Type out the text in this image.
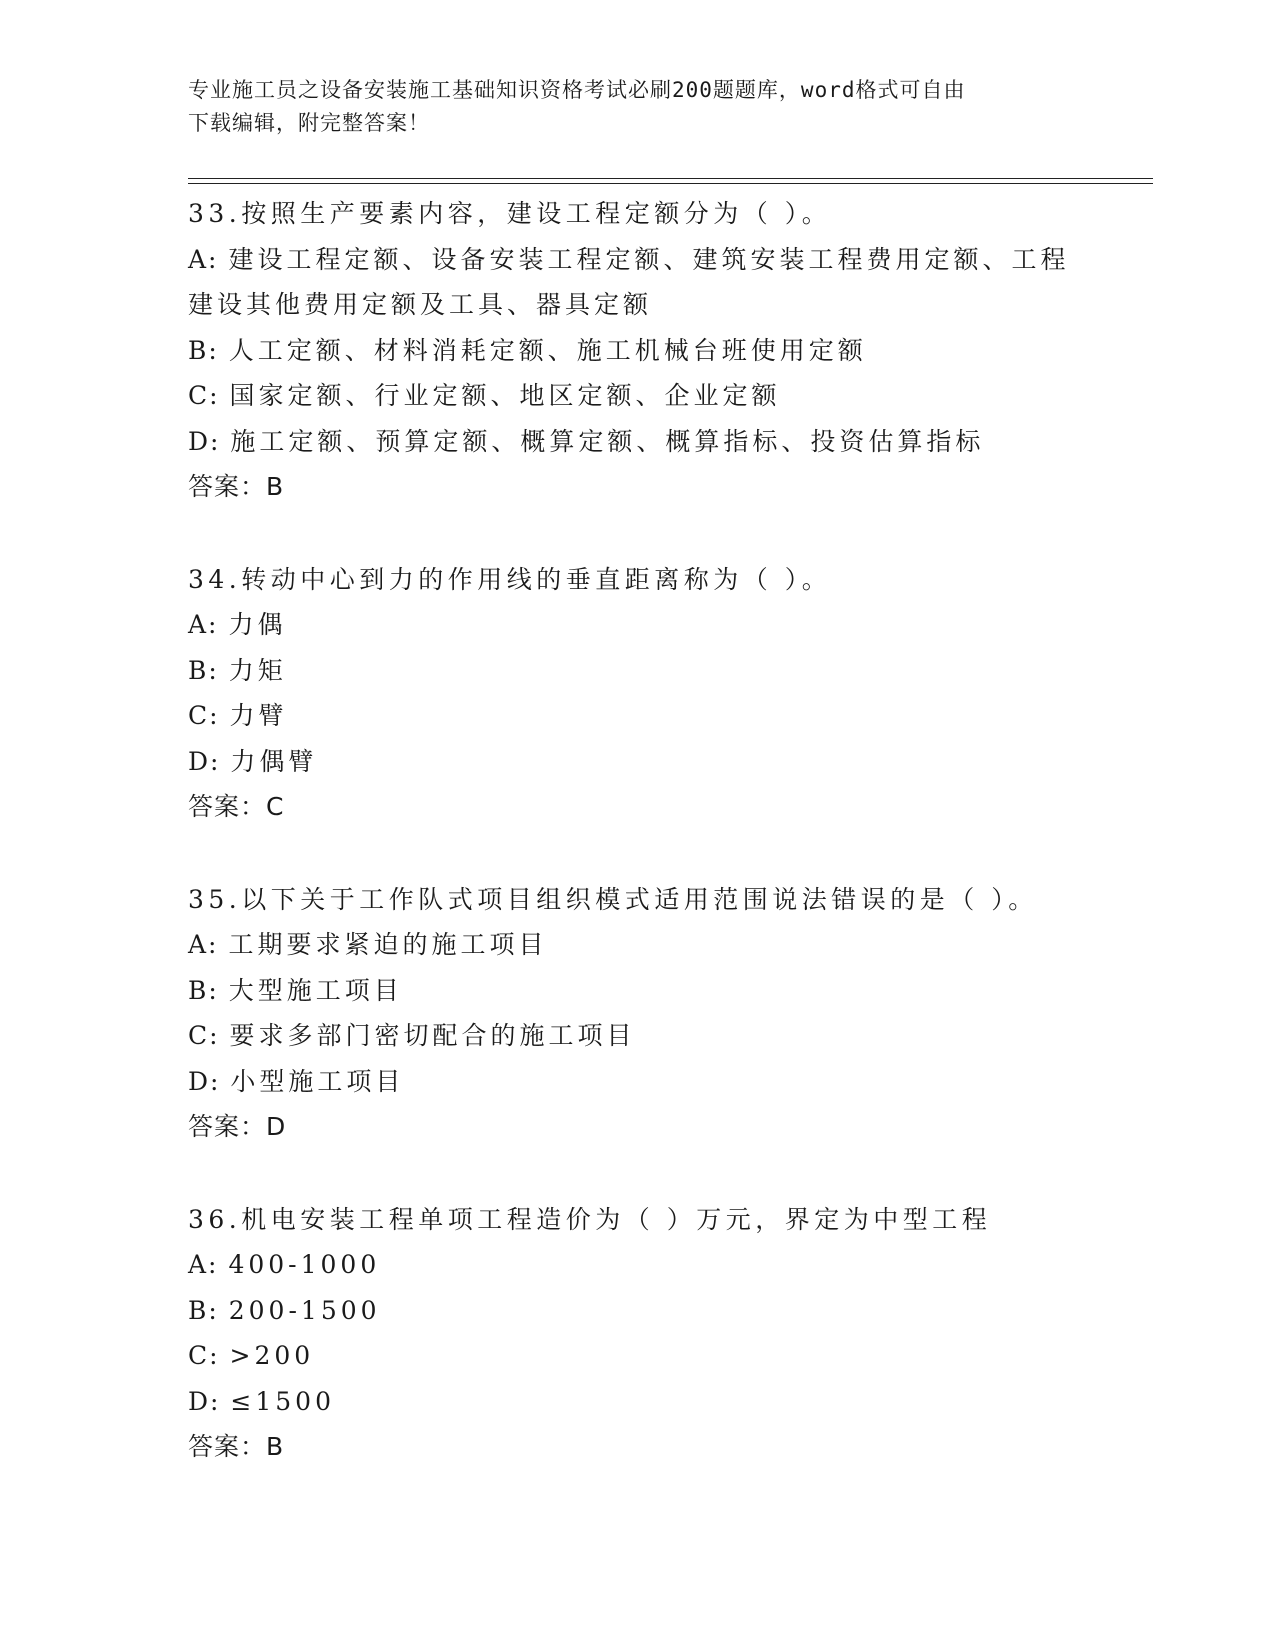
专业施工员之设备安装施工基础知识资格考试必刷200题题库，word格式可自由
下载编辑，附完整答案！
33.按照生产要素内容，建设工程定额分为（ ）。
A: 建设工程定额、设备安装工程定额、建筑安装工程费用定额、工程
建设其他费用定额及工具、器具定额
B: 人工定额、材料消耗定额、施工机械台班使用定额
C: 国家定额、行业定额、地区定额、企业定额
D: 施工定额、预算定额、概算定额、概算指标、投资估算指标
答案：B
34.转动中心到力的作用线的垂直距离称为（ ）。
A: 力偶
B: 力矩
C: 力臂
D: 力偶臂
答案：C
35.以下关于工作队式项目组织模式适用范围说法错误的是（ ）。
A: 工期要求紧迫的施工项目
B: 大型施工项目
C: 要求多部门密切配合的施工项目
D: 小型施工项目
答案：D
36.机电安装工程单项工程造价为（ ）万元，界定为中型工程
A: 400-1000
B: 200-1500
C: >200
D: ≤1500
答案：B
